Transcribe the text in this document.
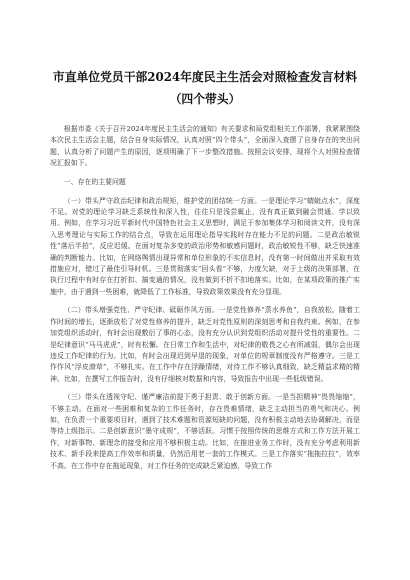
市直单位党员干部2024年度民主生活会对照检查发言材料（四个带头）

根据市委《关于召开2024年度民主生活会的通知》有关要求和局党组相关工作部署，我紧紧围绕本次民主生活会主题，结合自身实际情况，认真对照“四个带头”，全面深入查摆了自身存在的突出问题，认真分析了问题产生的原因，逐项明确了下一步整改措施。按照会议安排，现将个人对照检查情况汇报如下。

一、存在的主要问题

（一）带头严守政治纪律和政治规矩，维护党的团结统一方面。一是理论学习“蜻蜓点水”，深度不足。对党的理论学习缺乏系统性和深入性，往往只是浅尝辄止，没有真正做到融会贯通、学以致用。例如，在学习习近平新时代中国特色社会主义思想时，满足于参加集体学习和阅读文件，没有深入思考理论与实际工作的结合点，导致在运用理论指导实践时存在能力不足的问题。二是政治敏锐性“落后半拍”，反应迟缓。在面对复杂多变的政治形势和敏感问题时，政治敏锐性不够，缺乏快速准确的判断能力。比如，在网络舆情出现异常和单位形象的不实信息时，没有第一时间做出并采取有效措施应对，错过了最佳引导时机。三是贯彻落实“回头看”不够，力度欠缺，对于上级的决策部署，在执行过程中有时存在打折扣、搞变通的情况，没有做到不折不扣地落实。比如，在某项政策的推广实施中，由于遇到一些困难，就降低了工作标准，导致政策效果没有充分显现。

（二）带头增强党性、严守纪律、砥砺作风方面。一是党性修养“蒸水养鱼”，自我放松。随着工作时间的增长，逐渐放松了对党性修养的提升，缺乏对党性原则的深刻思考和自我约束。例如，在参加党组织活动时，有时会出现敷衍了事的心态，没有充分认识到党组织活动对提升党性的重要性。二是纪律意识“马马虎虎”，时有松懈。在日常工作和生活中，对纪律的敬畏之心有所减弱，偶尔会出现违反工作纪律的行为。比如，有时会出现迟到早退的现象，对单位的规章制度没有严格遵守。三是工作作风“浮皮潦草”，不够扎实。在工作中存在浮躁情绪，对待工作不够认真细致，缺乏精益求精的精神。比如，在撰写工作报告时，没有仔细核对数据和内容，导致报告中出现一些低级错误。

（三）带头在透视守纪、谨严廉洁前提下勇于担责、敢于创新方面。一是当担精神“畏畏缩缩”，不够主动。在面对一些困难和复杂的工作任务时，存在畏难情绪，缺乏主动担当的勇气和决心。例如，在负责一个重要项目时，遇到了技术难题和资源短缺的问题，没有积极主动地去协调解决，而是等待上级指示。二是创新意识“墨守成规”，不够活跃。习惯于按照传统的思维方式和工作方法开展工作，对新事物、新理念的接受和应用不够积极主动。比如，在推进业务工作时，没有充分考虑利用新技术、新手段来提高工作效率和质量，仍然沿用老一套的工作模式。三是工作落实“拖拖拉拉”，效率不高。在工作中存在拖延现象，对工作任务的完成缺乏紧迫感，导致工作
